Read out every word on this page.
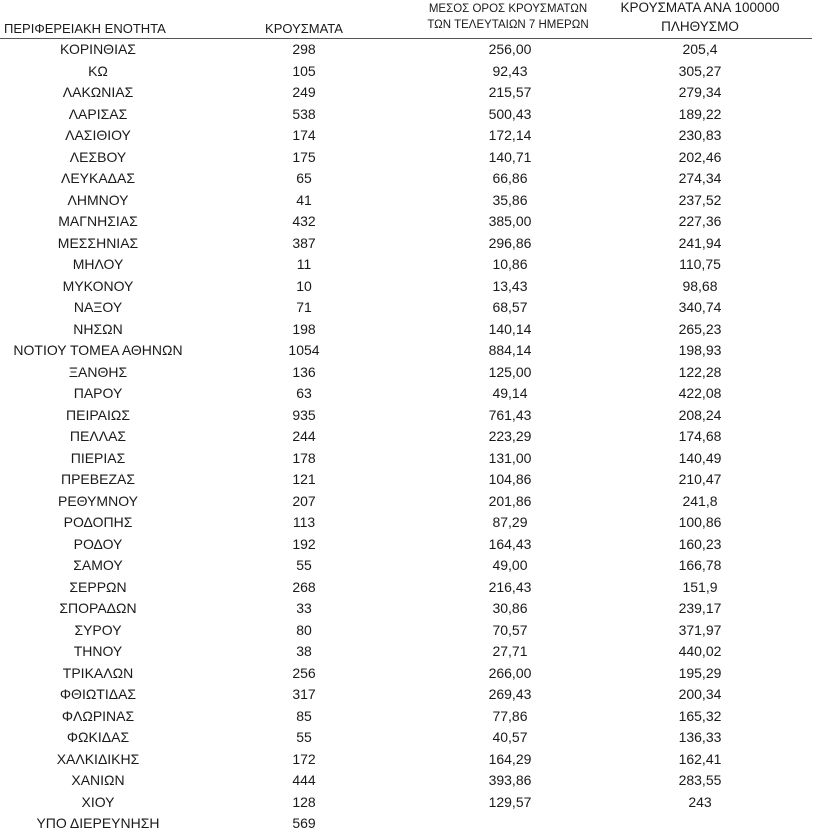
ΠΕΡΙΦΕΡΕΙΑΚΗ ΕΝΟΤΗΤΑ	ΚΡΟΥΣΜΑΤΑ
ΜΕΣΟΣ ΟΡΟΣ ΚΡΟΥΣΜΑΤΩΝ
ΤΩΝ ΤΕΛΕΥΤΑΙΩΝ 7 ΗΜΕΡΩΝ
ΚΡΟΥΣΜΑΤΑ ΑΝΑ 100000
ΠΛΗΘΥΣΜΟ
ΚΟΡΙΝΘΙΑΣ	298	256,00	205,4
ΚΩ	105	92,43	305,27
ΛΑΚΩΝΙΑΣ	249	215,57	279,34
ΛΑΡΙΣΑΣ	538	500,43	189,22
ΛΑΣΙΘΙΟΥ	174	172,14	230,83
ΛΕΣΒΟΥ	175	140,71	202,46
ΛΕΥΚΑΔΑΣ	65	66,86	274,34
ΛΗΜΝΟΥ	41	35,86	237,52
ΜΑΓΝΗΣΙΑΣ	432	385,00	227,36
ΜΕΣΣΗΝΙΑΣ	387	296,86	241,94
ΜΗΛΟΥ	11	10,86	110,75
ΜΥΚΟΝΟΥ	10	13,43	98,68
ΝΑΞΟΥ	71	68,57	340,74
ΝΗΣΩΝ	198	140,14	265,23
ΝΟΤΙΟΥ ΤΟΜΕΑ ΑΘΗΝΩΝ	1054	884,14	198,93
ΞΑΝΘΗΣ	136	125,00	122,28
ΠΑΡΟΥ	63	49,14	422,08
ΠΕΙΡΑΙΩΣ	935	761,43	208,24
ΠΕΛΛΑΣ	244	223,29	174,68
ΠΙΕΡΙΑΣ	178	131,00	140,49
ΠΡΕΒΕΖΑΣ	121	104,86	210,47
ΡΕΘΥΜΝΟΥ	207	201,86	241,8
ΡΟΔΟΠΗΣ	113	87,29	100,86
ΡΟΔΟΥ	192	164,43	160,23
ΣΑΜΟΥ	55	49,00	166,78
ΣΕΡΡΩΝ	268	216,43	151,9
ΣΠΟΡΑΔΩΝ	33	30,86	239,17
ΣΥΡΟΥ	80	70,57	371,97
ΤΗΝΟΥ	38	27,71	440,02
ΤΡΙΚΑΛΩΝ	256	266,00	195,29
ΦΘΙΩΤΙΔΑΣ	317	269,43	200,34
ΦΛΩΡΙΝΑΣ	85	77,86	165,32
ΦΩΚΙΔΑΣ	55	40,57	136,33
ΧΑΛΚΙΔΙΚΗΣ	172	164,29	162,41
ΧΑΝΙΩΝ	444	393,86	283,55
ΧΙΟΥ	128	129,57	243
ΥΠΟ ΔΙΕΡΕΥΝΗΣΗ	569
